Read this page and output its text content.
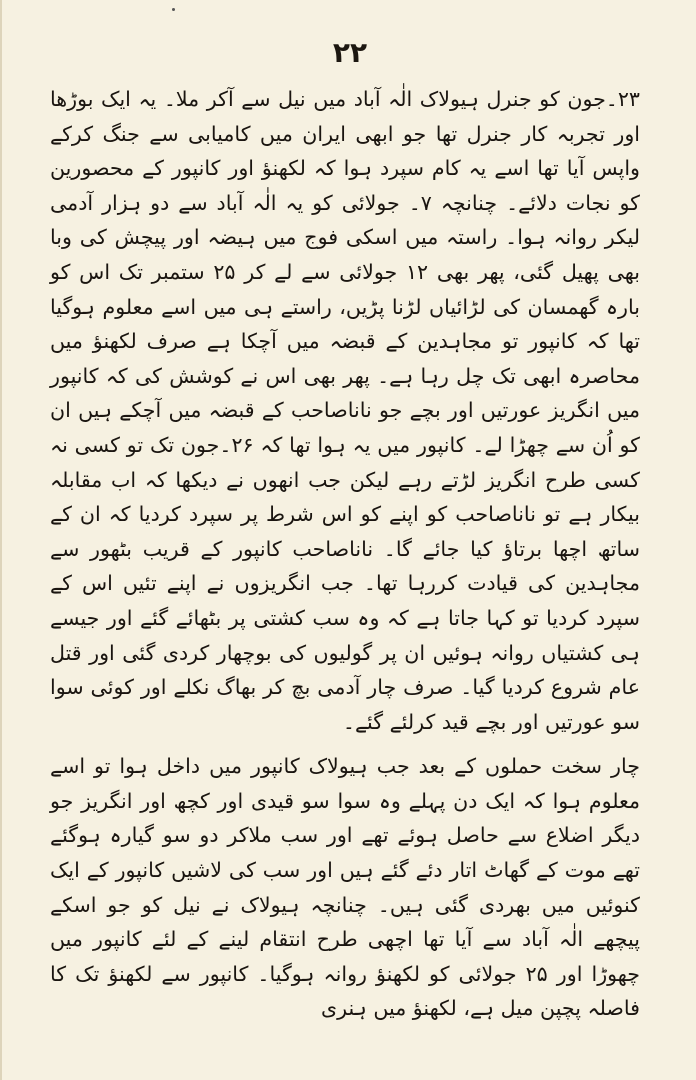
۲۲

۲۳۔جون کو جنرل ہیولاک الٰہ آباد میں نیل سے آکر ملا۔ یہ ایک بوڑھا اور تجربہ کار جنرل تھا جو ابھی ایران میں کامیابی سے جنگ کرکے واپس آیا تھا اسے یہ کام سپرد ہوا کہ لکھنؤ اور کانپور کے محصورین کو نجات دلائے۔ چنانچہ ۷۔ جولائی کو یہ الٰہ آباد سے دو ہزار آدمی لیکر روانہ ہوا۔ راستہ میں اسکی فوج میں ہیضہ اور پیچش کی وبا بھی پھیل گئی، پھر بھی ۱۲ جولائی سے لے کر ۲۵ ستمبر تک اس کو بارہ گھمسان کی لڑائیاں لڑنا پڑیں، راستے ہی میں اسے معلوم ہوگیا تھا کہ کانپور تو مجاہدین کے قبضہ میں آچکا ہے صرف لکھنؤ میں محاصرہ ابھی تک چل رہا ہے۔ پھر بھی اس نے کوشش کی کہ کانپور میں انگریز عورتیں اور بچے جو ناناصاحب کے قبضہ میں آچکے ہیں ان کو اُن سے چھڑا لے۔ کانپور میں یہ ہوا تھا کہ ۲۶۔جون تک تو کسی نہ کسی طرح انگریز لڑتے رہے لیکن جب انھوں نے دیکھا کہ اب مقابلہ بیکار ہے تو ناناصاحب کو اپنے کو اس شرط پر سپرد کردیا کہ ان کے ساتھ اچھا برتاؤ کیا جائے گا۔ ناناصاحب کانپور کے قریب بٹھور سے مجاہدین کی قیادت کررہا تھا۔ جب انگریزوں نے اپنے تئیں اس کے سپرد کردیا تو کہا جاتا ہے کہ وہ سب کشتی پر بٹھائے گئے اور جیسے ہی کشتیاں روانہ ہوئیں ان پر گولیوں کی بوچھار کردی گئی اور قتل عام شروع کردیا گیا۔ صرف چار آدمی بچ کر بھاگ نکلے اور کوئی سوا سو عورتیں اور بچے قید کرلئے گئے۔

چار سخت حملوں کے بعد جب ہیولاک کانپور میں داخل ہوا تو اسے معلوم ہوا کہ ایک دن پہلے وہ سوا سو قیدی اور کچھ اور انگریز جو دیگر اضلاع سے حاصل ہوئے تھے اور سب ملاکر دو سو گیارہ ہوگئے تھے موت کے گھاٹ اتار دئے گئے ہیں اور سب کی لاشیں کانپور کے ایک کنوئیں میں بھردی گئی ہیں۔ چنانچہ ہیولاک نے نیل کو جو اسکے پیچھے الٰہ آباد سے آیا تھا اچھی طرح انتقام لینے کے لئے کانپور میں چھوڑا اور ۲۵ جولائی کو لکھنؤ روانہ ہوگیا۔ کانپور سے لکھنؤ تک کا فاصلہ پچپن میل ہے، لکھنؤ میں ہنری
